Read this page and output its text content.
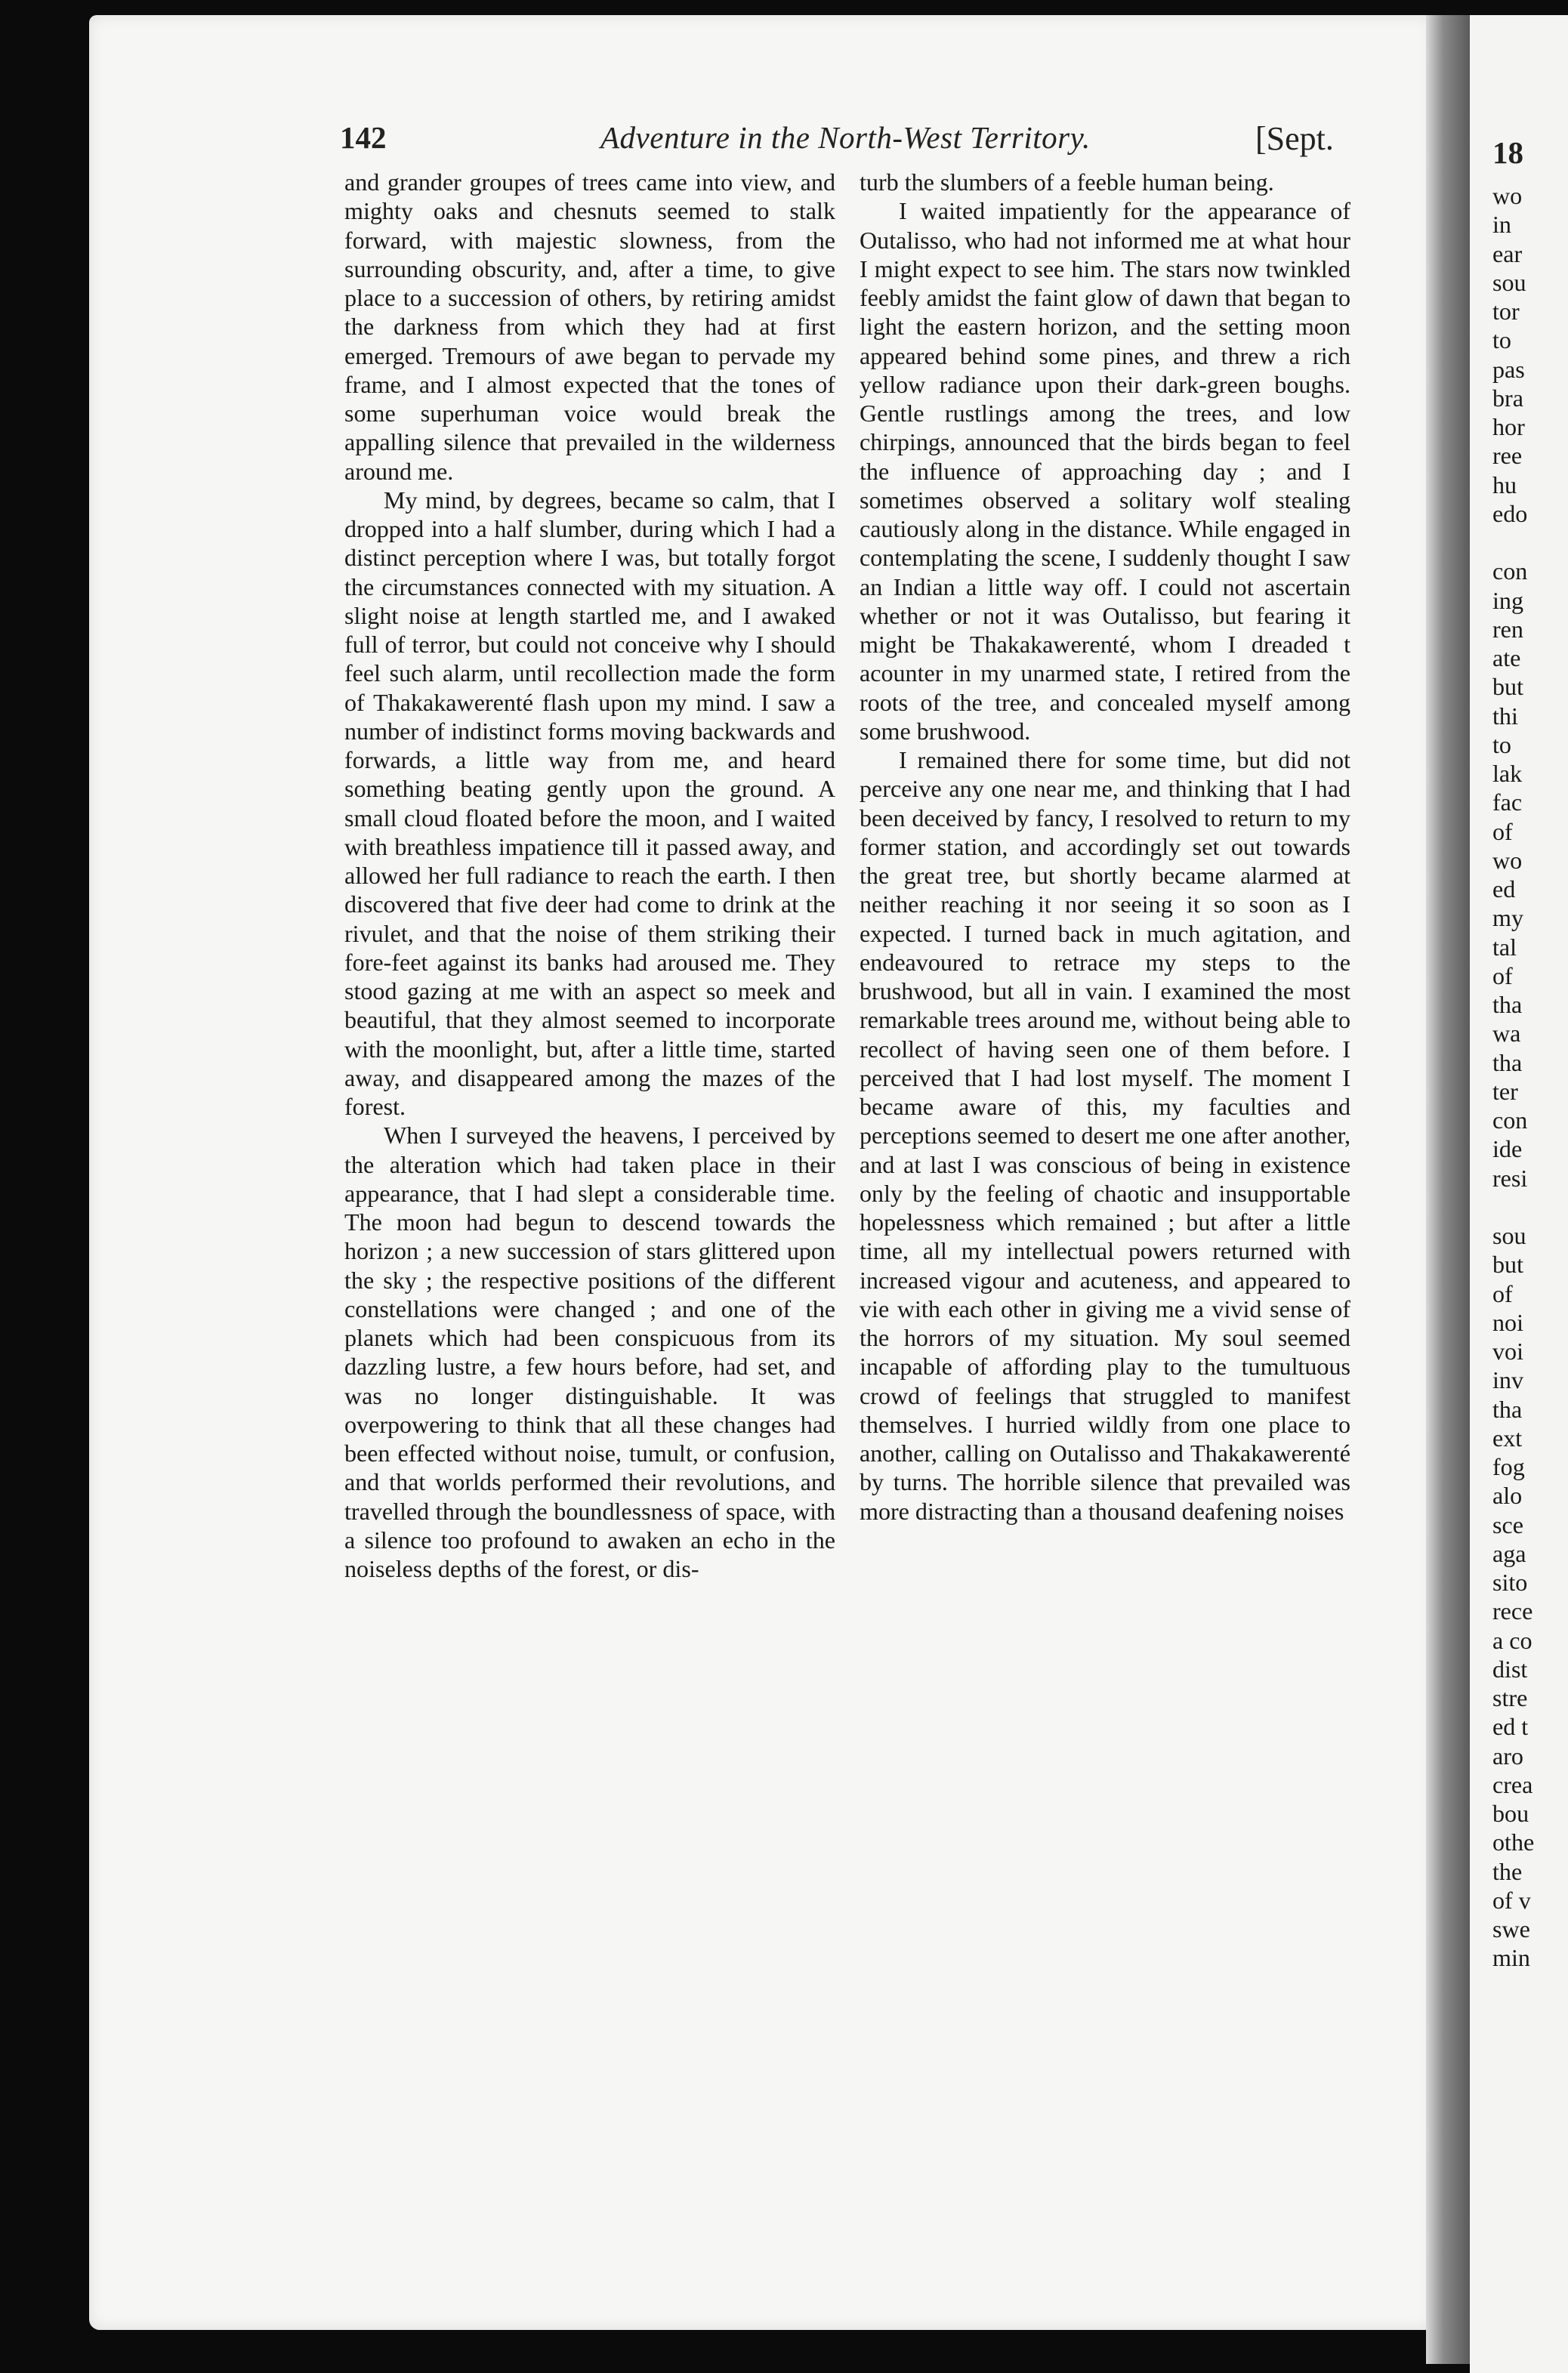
18
wo
in
ear
sou
tor
to
pas
bra
hor
ree
hu
edo
con
ing
ren
ate
but
thi
to
lak
fac
of
wo
ed
my
tal
of
tha
wa
tha
ter
con
ide
resi
sou
but
of
noi
voi
inv
tha
ext
fog
alo
sce
aga
sito
rece
a co
dist
stre
ed t
aro
crea
bou
othe
the
of v
swe
min
142	Adventure in the North-West Territory.	[Sept.

and grander groupes of trees came into view, and mighty oaks and chesnuts seemed to stalk forward, with majestic slowness, from the surrounding obscurity, and, after a time, to give place to a succession of others, by retiring amidst the darkness from which they had at first emerged. Tremours of awe began to pervade my frame, and I almost expected that the tones of some superhuman voice would break the appalling silence that prevailed in the wilderness around me.

My mind, by degrees, became so calm, that I dropped into a half slumber, during which I had a distinct perception where I was, but totally forgot the circumstances connected with my situation. A slight noise at length startled me, and I awaked full of terror, but could not conceive why I should feel such alarm, until recollection made the form of Thakakawerenté flash upon my mind. I saw a number of indistinct forms moving backwards and forwards, a little way from me, and heard something beating gently upon the ground. A small cloud floated before the moon, and I waited with breathless impatience till it passed away, and allowed her full radiance to reach the earth. I then discovered that five deer had come to drink at the rivulet, and that the noise of them striking their fore-feet against its banks had aroused me. They stood gazing at me with an aspect so meek and beautiful, that they almost seemed to incorporate with the moonlight, but, after a little time, started away, and disappeared among the mazes of the forest.

When I surveyed the heavens, I perceived by the alteration which had taken place in their appearance, that I had slept a considerable time. The moon had begun to descend towards the horizon ; a new succession of stars glittered upon the sky ; the respective positions of the different constellations were changed ; and one of the planets which had been conspicuous from its dazzling lustre, a few hours before, had set, and was no longer distinguishable. It was overpowering to think that all these changes had been effected without noise, tumult, or confusion, and that worlds performed their revolutions, and travelled through the boundlessness of space, with a silence too profound to awaken an echo in the noiseless depths of the forest, or dis-

turb the slumbers of a feeble human being.

I waited impatiently for the appearance of Outalisso, who had not informed me at what hour I might expect to see him. The stars now twinkled feebly amidst the faint glow of dawn that began to light the eastern horizon, and the setting moon appeared behind some pines, and threw a rich yellow radiance upon their dark-green boughs. Gentle rustlings among the trees, and low chirpings, announced that the birds began to feel the influence of approaching day ; and I sometimes observed a solitary wolf stealing cautiously along in the distance. While engaged in contemplating the scene, I suddenly thought I saw an Indian a little way off. I could not ascertain whether or not it was Outalisso, but fearing it might be Thakakawerenté, whom I dreaded t acounter in my unarmed state, I retired from the roots of the tree, and concealed myself among some brushwood.

I remained there for some time, but did not perceive any one near me, and thinking that I had been deceived by fancy, I resolved to return to my former station, and accordingly set out towards the great tree, but shortly became alarmed at neither reaching it nor seeing it so soon as I expected. I turned back in much agitation, and endeavoured to retrace my steps to the brushwood, but all in vain. I examined the most remarkable trees around me, without being able to recollect of having seen one of them before. I perceived that I had lost myself. The moment I became aware of this, my faculties and perceptions seemed to desert me one after another, and at last I was conscious of being in existence only by the feeling of chaotic and insupportable hopelessness which remained ; but after a little time, all my intellectual powers returned with increased vigour and acuteness, and appeared to vie with each other in giving me a vivid sense of the horrors of my situation. My soul seemed incapable of affording play to the tumultuous crowd of feelings that struggled to manifest themselves. I hurried wildly from one place to another, calling on Outalisso and Thakakawerenté by turns. The horrible silence that prevailed was more distracting than a thousand deafening noises
